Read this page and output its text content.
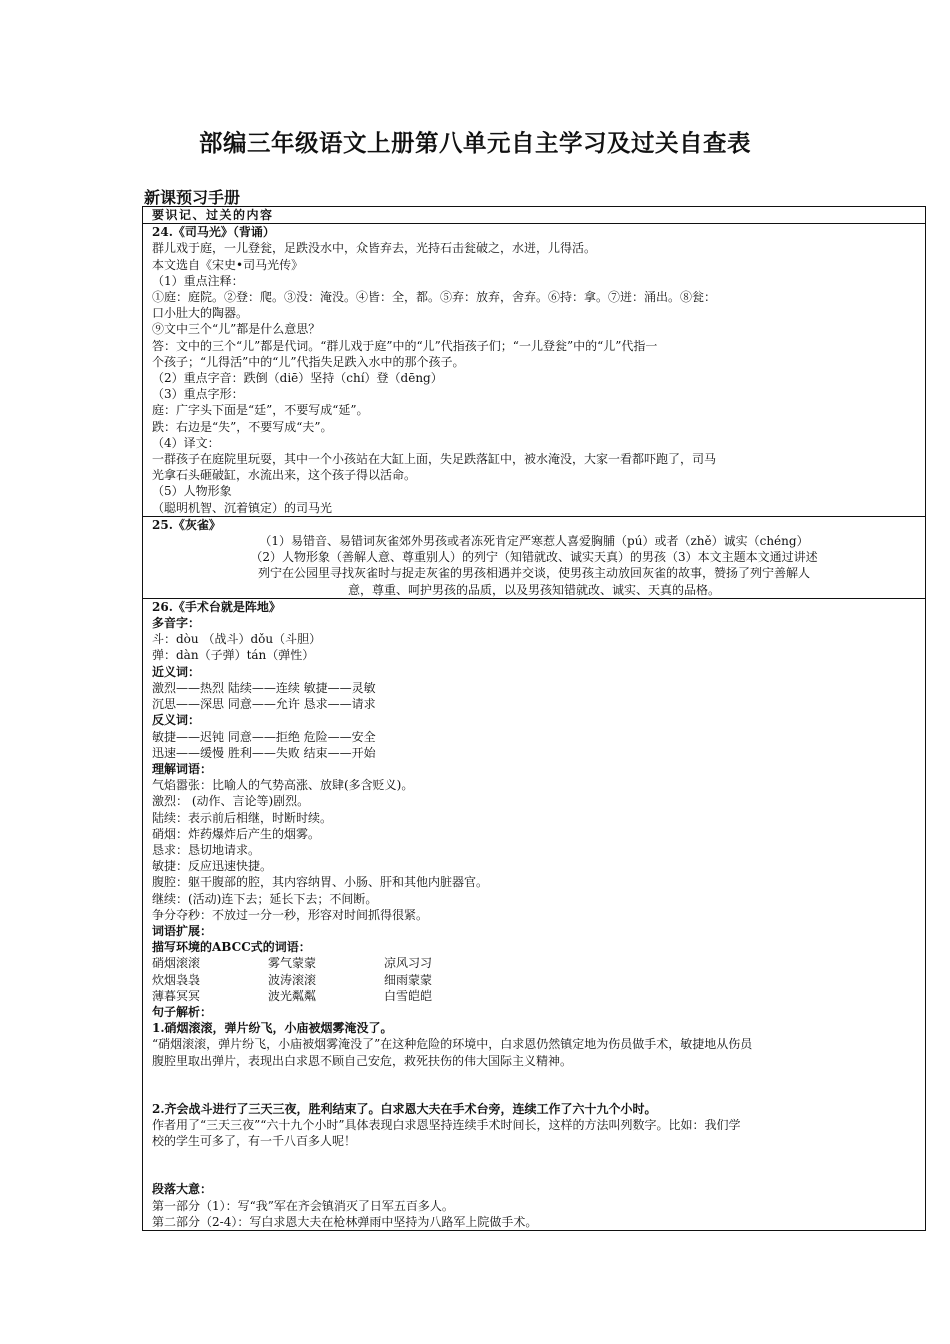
部编三年级语文上册第八单元自主学习及过关自查表
新课预习手册
要识记、过关的内容

24.《司马光》（背诵）
群儿戏于庭，一儿登瓮，足跌没水中，众皆弃去，光持石击瓮破之，水迸，儿得活。
本文选自《宋史•司马光传》
（1）重点注释：
①庭：庭院。②登：爬。③没：淹没。④皆：全，都。⑤弃：放弃，舍弃。⑥持：拿。⑦迸：涌出。⑧瓮：
口小肚大的陶器。
⑨文中三个“儿”都是什么意思？
答：文中的三个“儿”都是代词。“群儿戏于庭”中的“儿”代指孩子们；“一儿登瓮”中的“儿”代指一
个孩子；“儿得活”中的“儿”代指失足跌入水中的那个孩子。
（2）重点字音：跌倒（diē）坚持（chí）登（dēng）
（3）重点字形：
庭：广字头下面是“廷”，不要写成“延”。
跌：右边是“失”，不要写成“夫”。
（4）译文：
一群孩子在庭院里玩耍，其中一个小孩站在大缸上面，失足跌落缸中，被水淹没，大家一看都吓跑了，司马
光拿石头砸破缸，水流出来，这个孩子得以活命。
（5）人物形象
（聪明机智、沉着镇定）的司马光

25.《灰雀》
（1）易错音、易错词灰雀郊外男孩或者冻死肯定严寒惹人喜爱胸脯（pú）或者（zhě）诚实（chéng）
（2）人物形象（善解人意、尊重别人）的列宁（知错就改、诚实天真）的男孩（3）本文主题本文通过讲述
列宁在公园里寻找灰雀时与捉走灰雀的男孩相遇并交谈，使男孩主动放回灰雀的故事，赞扬了列宁善解人
意，尊重、呵护男孩的品质，以及男孩知错就改、诚实、天真的品格。

26.《手术台就是阵地》
多音字：
斗：dòu （战斗）dǒu（斗胆）
弹：dàn（子弹）tán（弹性）
近义词：
激烈——热烈 陆续——连续 敏捷——灵敏
沉思——深思 同意——允许 恳求——请求
反义词：
敏捷——迟钝 同意——拒绝 危险——安全
迅速——缓慢 胜利——失败 结束——开始
理解词语：
气焰嚣张：比喻人的气势高涨、放肆(多含贬义)。
激烈： (动作、言论等)剧烈。
陆续：表示前后相继，时断时续。
硝烟：炸药爆炸后产生的烟雾。
恳求：恳切地请求。
敏捷：反应迅速快捷。
腹腔：躯干腹部的腔，其内容纳胃、小肠、肝和其他内脏器官。
继续：(活动)连下去；延长下去；不间断。
争分夺秒：不放过一分一秒，形容对时间抓得很紧。
词语扩展：
描写环境的ABCC式的词语：
硝烟滚滚	雾气蒙蒙	凉风习习
炊烟袅袅	波涛滚滚	细雨蒙蒙
薄暮冥冥	波光粼粼	白雪皑皑
句子解析：
1.硝烟滚滚，弹片纷飞，小庙被烟雾淹没了。
“硝烟滚滚，弹片纷飞，小庙被烟雾淹没了”在这种危险的环境中，白求恩仍然镇定地为伤员做手术，敏捷地从伤员
腹腔里取出弹片，表现出白求恩不顾自己安危，救死扶伤的伟大国际主义精神。
2.齐会战斗进行了三天三夜，胜利结束了。白求恩大夫在手术台旁，连续工作了六十九个小时。
作者用了“三天三夜”“六十九个小时”具体表现白求恩坚持连续手术时间长，这样的方法叫列数字。比如：我们学
校的学生可多了，有一千八百多人呢！
段落大意：
第一部分（1）：写“我”军在齐会镇消灭了日军五百多人。
第二部分（2-4）：写白求恩大夫在枪林弹雨中坚持为八路军上院做手术。
